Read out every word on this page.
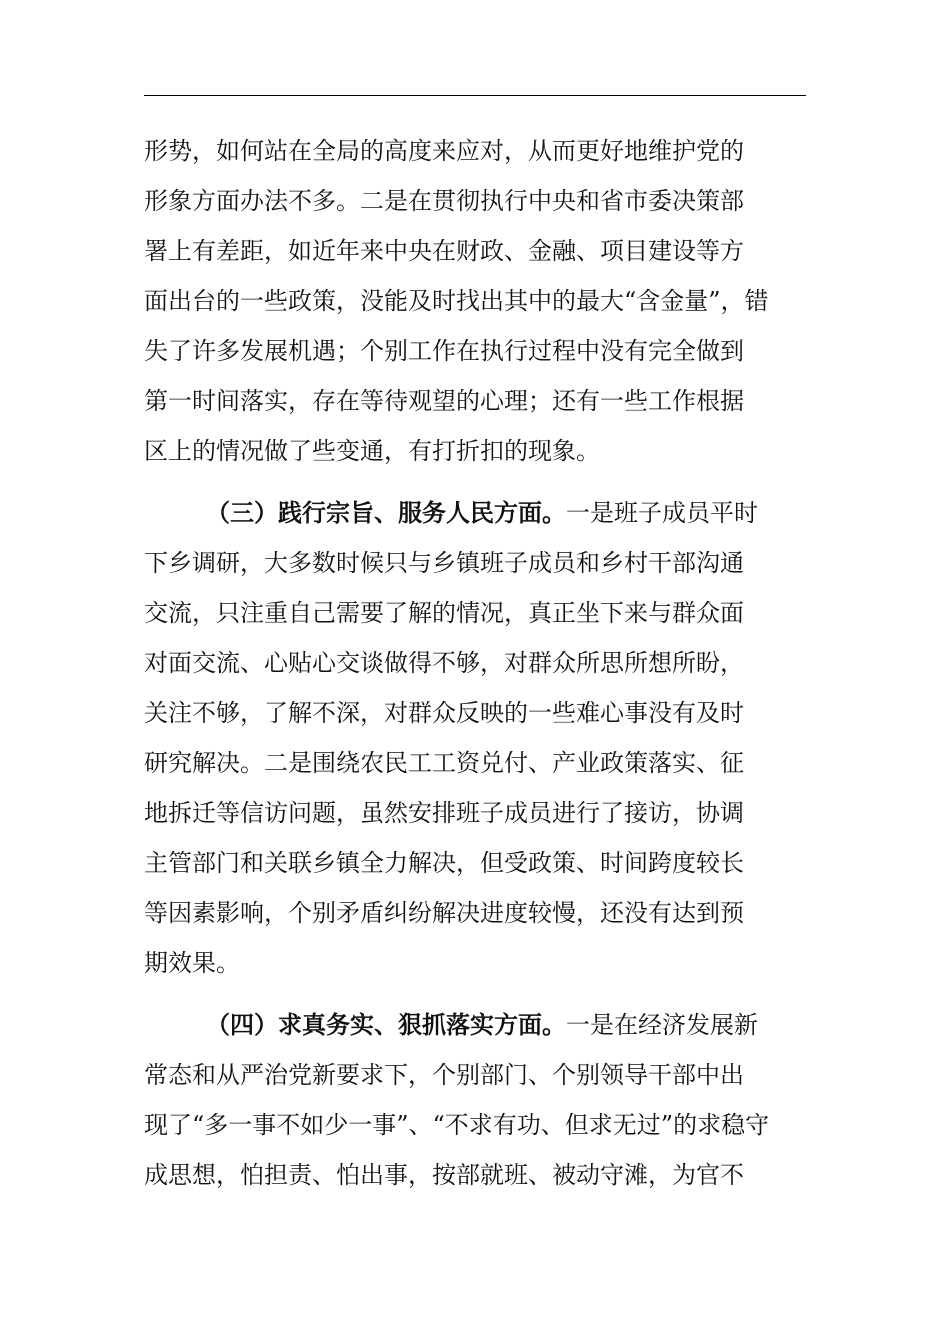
形势，如何站在全局的高度来应对，从而更好地维护党的
形象方面办法不多。二是在贯彻执行中央和省市委决策部
署上有差距，如近年来中央在财政、金融、项目建设等方
面出台的一些政策，没能及时找出其中的最大“含金量”，错
失了许多发展机遇；个别工作在执行过程中没有完全做到
第一时间落实，存在等待观望的心理；还有一些工作根据
区上的情况做了些变通，有打折扣的现象。
（三）践行宗旨、服务人民方面。一是班子成员平时
下乡调研，大多数时候只与乡镇班子成员和乡村干部沟通
交流，只注重自己需要了解的情况，真正坐下来与群众面
对面交流、心贴心交谈做得不够，对群众所思所想所盼，
关注不够，了解不深，对群众反映的一些难心事没有及时
研究解决。二是围绕农民工工资兑付、产业政策落实、征
地拆迁等信访问题，虽然安排班子成员进行了接访，协调
主管部门和关联乡镇全力解决，但受政策、时间跨度较长
等因素影响，个别矛盾纠纷解决进度较慢，还没有达到预
期效果。
（四）求真务实、狠抓落实方面。一是在经济发展新
常态和从严治党新要求下，个别部门、个别领导干部中出
现了“多一事不如少一事”、“不求有功、但求无过”的求稳守
成思想，怕担责、怕出事，按部就班、被动守滩，为官不
